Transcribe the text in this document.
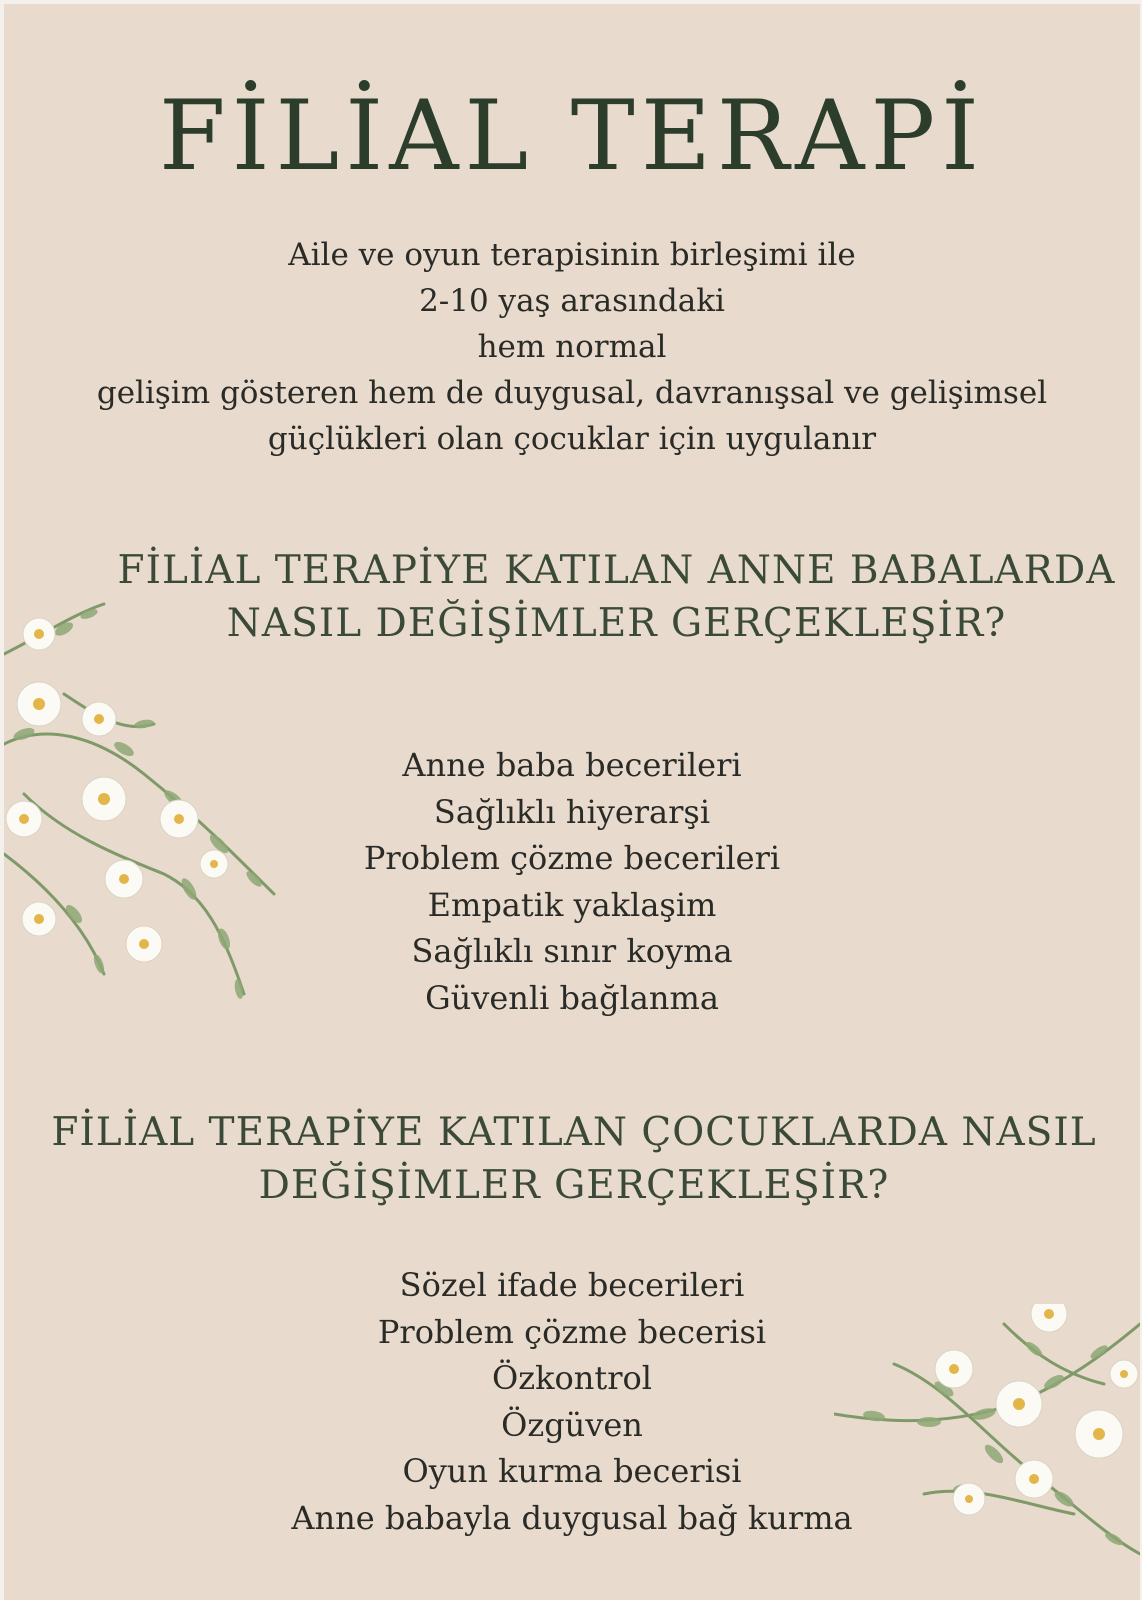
FİLİAL TERAPİ
Aile ve oyun terapisinin birleşimi ile
2-10 yaş arasındaki
hem normal
gelişim gösteren hem de duygusal, davranışsal ve gelişimsel
güçlükleri olan çocuklar için uygulanır
FİLİAL TERAPİYE KATILAN ANNE BABALARDA
NASIL DEĞİŞİMLER GERÇEKLEŞİR?
Anne baba becerileri
Sağlıklı hiyerarşi
Problem çözme becerileri
Empatik yaklaşim
Sağlıklı sınır koyma
Güvenli bağlanma
FİLİAL TERAPİYE KATILAN ÇOCUKLARDA NASIL
DEĞİŞİMLER GERÇEKLEŞİR?
Sözel ifade becerileri
Problem çözme becerisi
Özkontrol
Özgüven
Oyun kurma becerisi
Anne babayla duygusal bağ kurma
